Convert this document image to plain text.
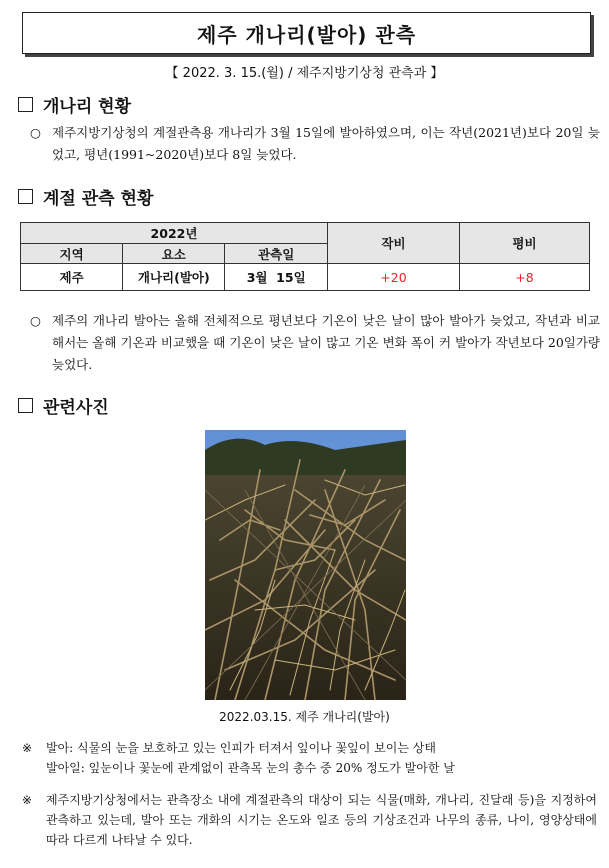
제주 개나리(발아) 관측
【 2022. 3. 15.(월) / 제주지방기상청 관측과 】
개나리 현황
○ 제주지방기상청의 계절관측용 개나리가 3월 15일에 발아하였으며, 이는 작년(2021년)보다 20일 늦었고, 평년(1991~2020년)보다 8일 늦었다.
계절 관측 현황
2022년			작비	평비
지역	요소	관측일		
제주	개나리(발아)	3월  15일	+20	+8
○ 제주의 개나리 발아는 올해 전체적으로 평년보다 기온이 낮은 날이 많아 발아가 늦었고, 작년과 비교해서는 올해 기온과 비교했을 때 기온이 낮은 날이 많고 기온 변화 폭이 커 발아가 작년보다 20일가량 늦었다.
관련사진
2022.03.15. 제주 개나리(발아)
※ 발아: 식물의 눈을 보호하고 있는 인피가 터져서 잎이나 꽃잎이 보이는 상태
발아일: 잎눈이나 꽃눈에 관계없이 관측목 눈의 총수 중 20% 정도가 발아한 날
※ 제주지방기상청에서는 관측장소 내에 계절관측의 대상이 되는 식물(매화, 개나리, 진달래 등)을 지정하여 관측하고 있는데, 발아 또는 개화의 시기는 온도와 일조 등의 기상조건과 나무의 종류, 나이, 영양상태에 따라 다르게 나타날 수 있다.
